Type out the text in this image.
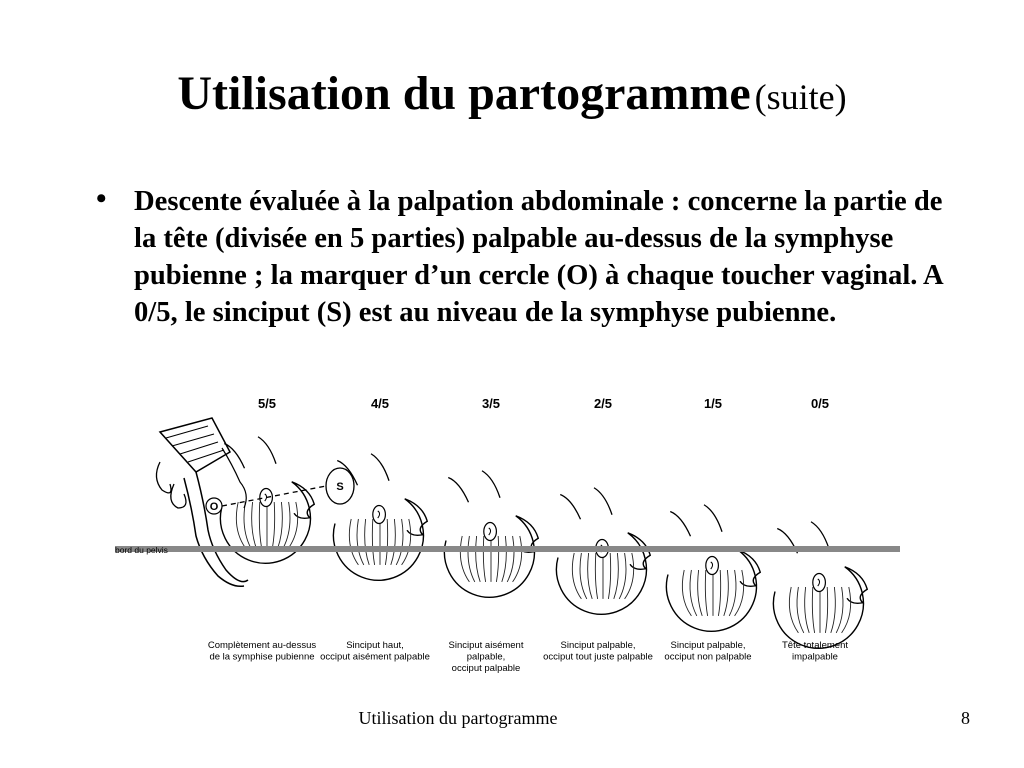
Utilisation du partogramme (suite)
• Descente évaluée à la palpation abdominale : concerne la partie de la tête (divisée en 5 parties) palpable au-dessus de la symphyse pubienne ; la marquer d’un cercle (O) à chaque toucher vaginal. A 0/5, le sinciput (S) est au niveau de la symphyse pubienne.
bord du pelvis
O
S
5/5	4/5	3/5	2/5	1/5	0/5
Complètement au-dessus de la symphise pubienne
Sinciput haut, occiput aisément palpable
Sinciput aisément palpable, occiput palpable
Sinciput palpable, occiput tout juste palpable
Sinciput palpable, occiput non palpable
Tête totalement impalpable
Utilisation du partogramme	8
